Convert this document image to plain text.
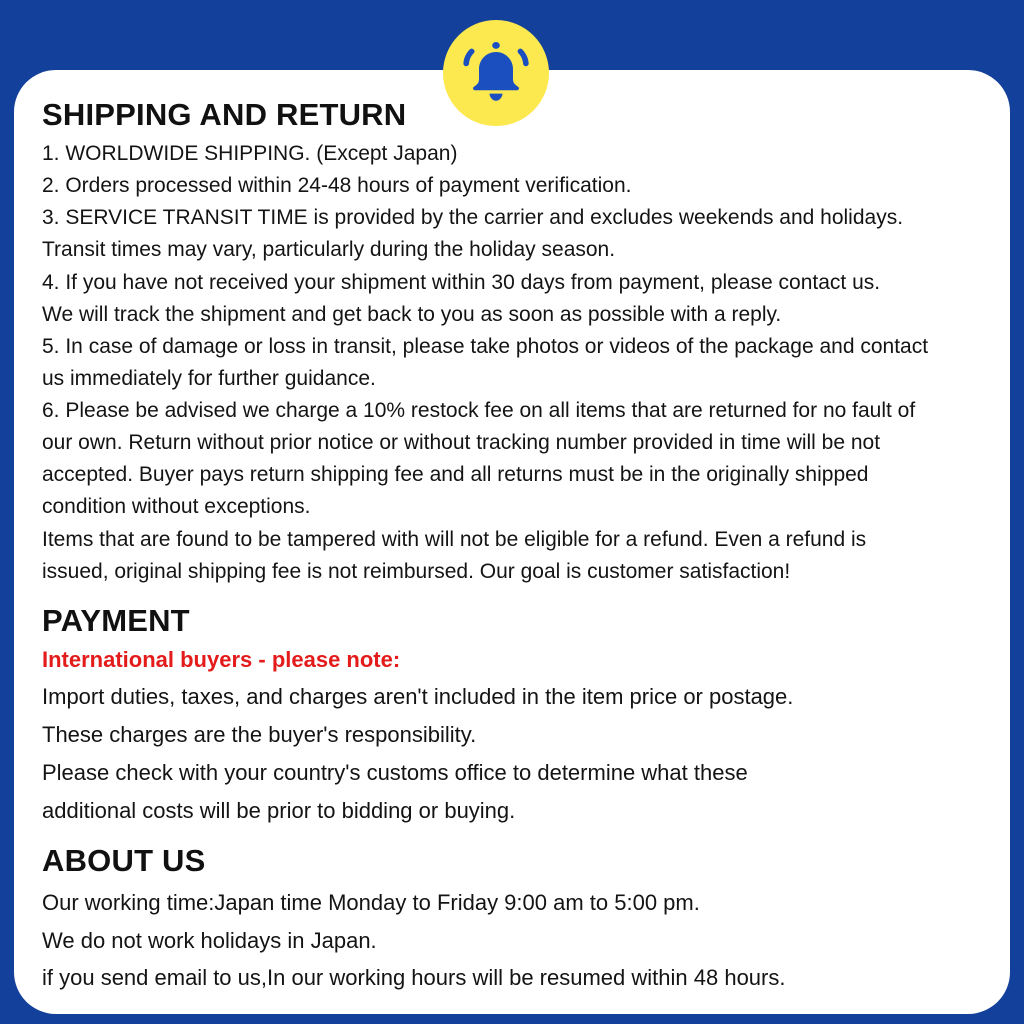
SHIPPING AND RETURN

1. WORLDWIDE SHIPPING. (Except Japan)

2. Orders processed within 24-48 hours of payment verification.

3. SERVICE TRANSIT TIME is provided by the carrier and excludes weekends and holidays.

Transit times may vary, particularly during the holiday season.

4. If you have not received your shipment within 30 days from payment, please contact us.

We will track the shipment and get back to you as soon as possible with a reply.

5. In case of damage or loss in transit, please take photos or videos of the package and contact

us immediately for further guidance.

6. Please be advised we charge a 10% restock fee on all items that are returned for no fault of

our own. Return without prior notice or without tracking number provided in time will be not

accepted. Buyer pays return shipping fee and all returns must be in the originally shipped

condition without exceptions.

Items that are found to be tampered with will not be eligible for a refund. Even a refund is

issued, original shipping fee is not reimbursed. Our goal is customer satisfaction!

PAYMENT

International buyers - please note:

Import duties, taxes, and charges aren't included in the item price or postage.

These charges are the buyer's responsibility.

Please check with your country's customs office to determine what these

additional costs will be prior to bidding or buying.

ABOUT US

Our working time:Japan time Monday to Friday 9:00 am to 5:00 pm.

We do not work holidays in Japan.

if you send email to us,In our working hours will be resumed within 48 hours.
